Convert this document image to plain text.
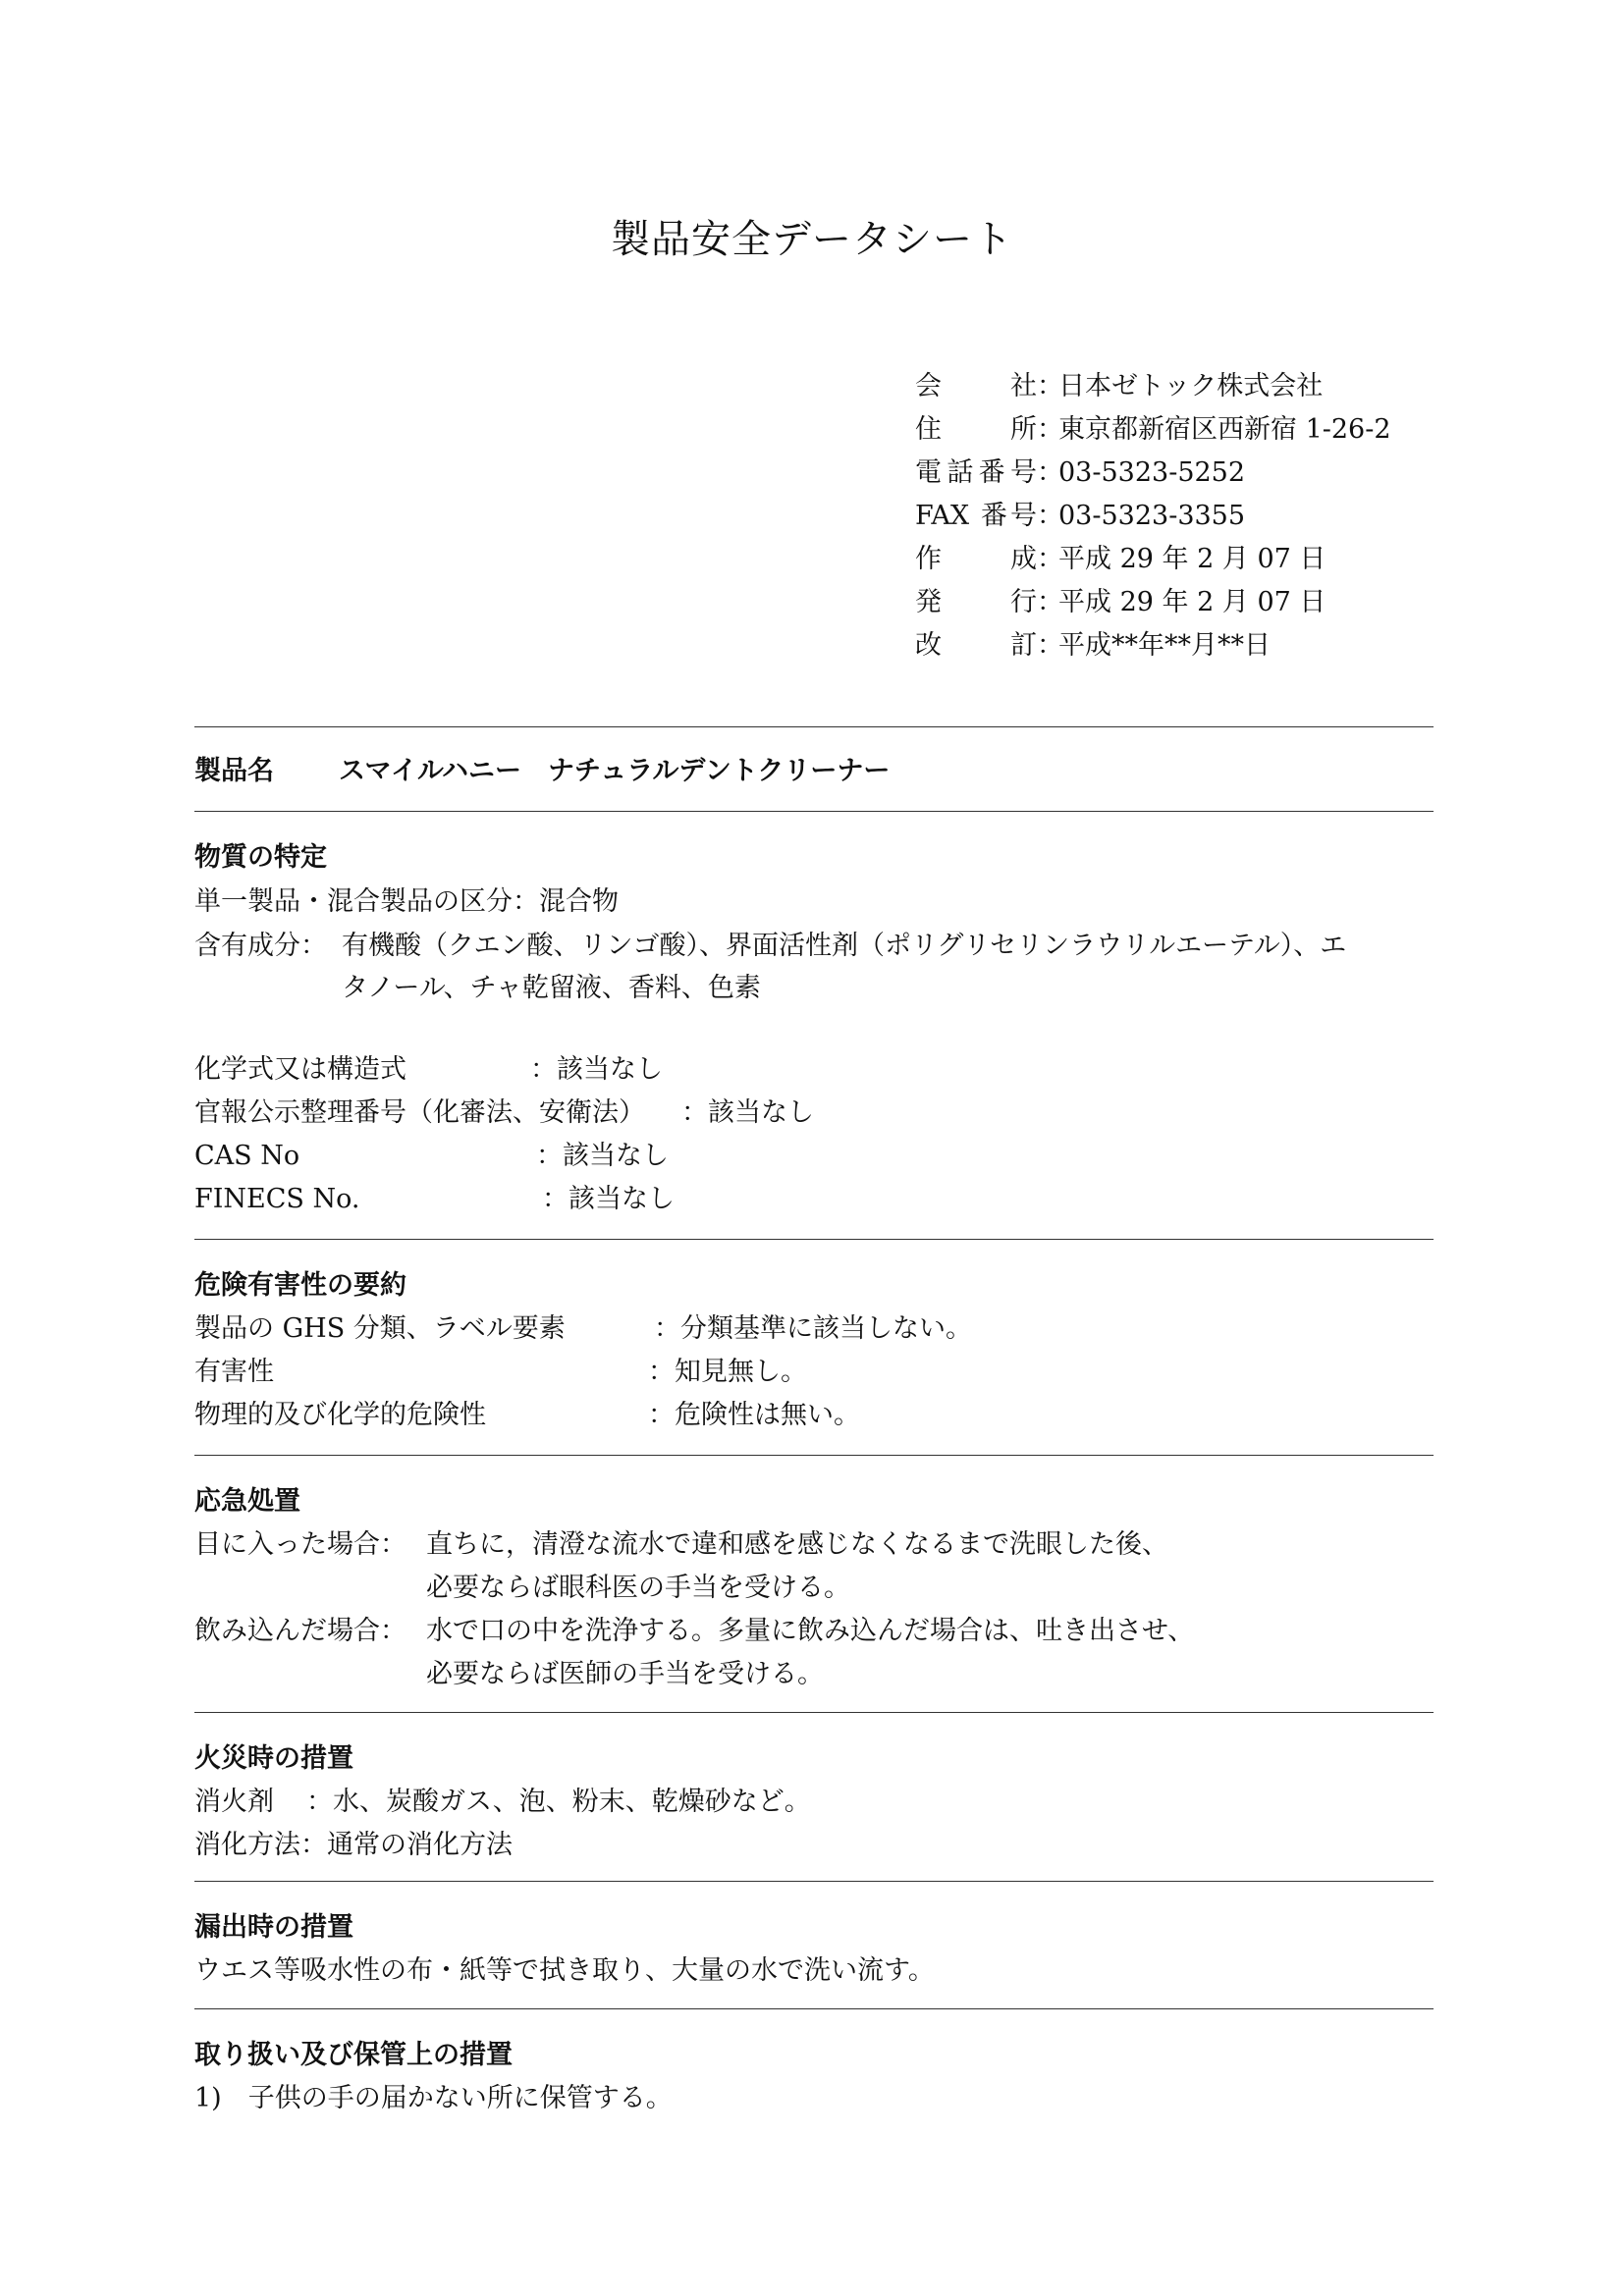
製品安全データシート
会社 ：
日本ゼトック株式会社
住所 ：
東京都新宿区西新宿 1-26-2
電話番号 ：
03-5323-5252
FAX 番号 ：
03-5323-3355
作成 ：
平成 29 年 2 月 07 日
発行 ：
平成 29 年 2 月 07 日
改訂 ：
平成**年**月**日
製品名 スマイルハニー　ナチュラルデントクリーナー
物質の特定
単一製品・混合製品の区分：混合物
含有成分： 有機酸（クエン酸、リンゴ酸）、界面活性剤（ポリグリセリンラウリルエーテル）、エ
タノール、チャ乾留液、香料、色素
化学式又は構造式	：該当なし
官報公示整理番号（化審法、安衛法） ：該当なし
CAS No	：該当なし
FINECS No.	：該当なし
危険有害性の要約
製品の GHS 分類、ラベル要素	：分類基準に該当しない。
有害性	：知見無し。
物理的及び化学的危険性	：危険性は無い。
応急処置
目に入った場合： 直ちに，清澄な流水で違和感を感じなくなるまで洗眼した後、
必要ならば眼科医の手当を受ける。
飲み込んだ場合： 水で口の中を洗浄する。多量に飲み込んだ場合は、吐き出させ、
必要ならば医師の手当を受ける。
火災時の措置
消火剤 ：水、炭酸ガス、泡、粉末、乾燥砂など。
消化方法：通常の消化方法
漏出時の措置
ウエス等吸水性の布・紙等で拭き取り、大量の水で洗い流す。
取り扱い及び保管上の措置
1)　子供の手の届かない所に保管する。
